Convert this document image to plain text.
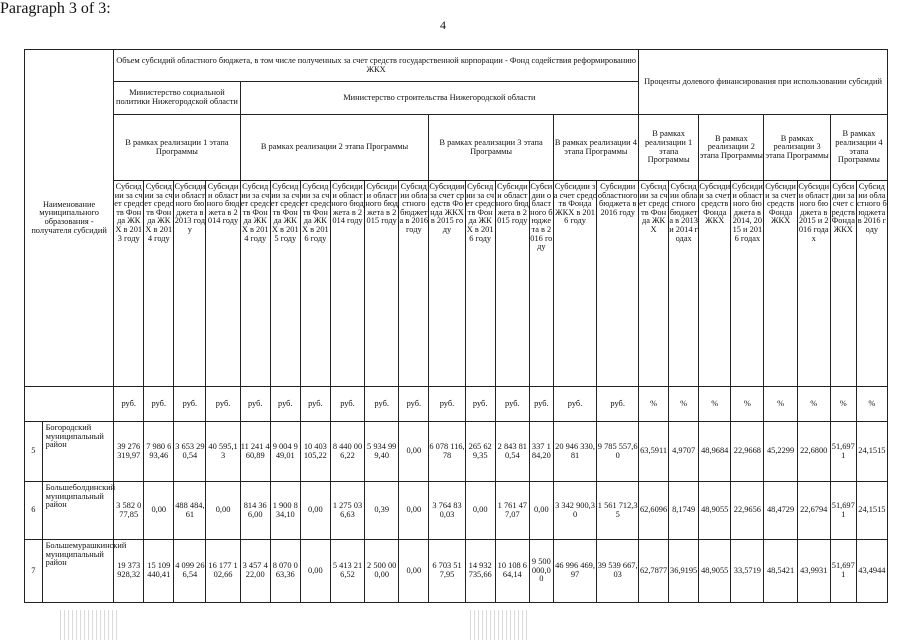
4
Наименование муниципального образования - получателя субсидий		Объем субсидий областного бюджета, в том числе полученных за счет средств государственной корпорации - Фонд содействия реформированию ЖКХ																Проценты долевого финансирования при использовании субсидий							
		Министерство социальной политики Нижегородской области				Министерство строительства Нижегородской области																			
		В рамках реализации 1 этапа Программы				В рамках реализации 2 этапа Программы						В рамках реализации 3 этапа Программы				В рамках реализации 4 этапа Программы		В рамках реализации 1 этапа Программы		В рамках реализации 2 этапа Программы		В рамках реализации 3 этапа Программы		В рамках реализации 4 этапа Программы	
		Субсидии за счет средств Фонда ЖКХ в 2013 году	Субсидии за счет средств Фонда ЖКХ в 2014 году	Субсидии областного бюджета в 2013 году	Субсидии областного бюджета в 2014 году	Субсидии за счет средств Фонда ЖКХ в 2014 году	Субсидии за счет средств Фонда ЖКХ в 2015 году	Субсидии за счет средств Фонда ЖКХ в 2016 году	Субсидии областного бюджета в 2014 году	Субсидии областного бюджета в 2015 году	Субсидии областного бюджета в 2016 году	Субсидии за счет средств Фонда ЖКХ в 2015 году	Субсидии за счет средств Фонда ЖКХ в 2016 году	Субсидии областного бюджета в 2015 году	Субсидии областного бюджета в 2016 году	Субсидии за счет средств Фонда ЖКХ в 2016 году	Субсидии областного бюджета в 2016 году	Субсидии за счет средств Фонда ЖКХ	Субсидии областного бюджета в 2013 и 2014 годах	Субсидии за счет средств Фонда ЖКХ	Субсидии областного бюджета в 2014, 2015 и 2016 годах	Субсидии за счет средств Фонда ЖКХ	Субсидии областного бюджета в 2015 и 2016 годах	Субсидии за счет средств Фонда ЖКХ	Субсидии областного бюджета в 2016 году
		руб.	руб.	руб.	руб.	руб.	руб.	руб.	руб.	руб.	руб.	руб.	руб.	руб.	руб.	руб.	руб.	%	%	%	%	%	%	%	%
5	Богородский муниципальный район	39 276 319,97	7 980 693,46	3 653 290,54	40 595,13	11 241 460,89	9 004 949,01	10 403 105,22	8 440 006,22	5 934 999,40	0,00	6 078 116,78	265 629,35	2 843 810,54	337 184,20	20 946 330,81	9 785 557,60	63,5911	4,9707	48,9684	22,9668	45,2299	22,6800	51,6971	24,1515
6	Большеболдинский муниципальный район	3 582 077,85	0,00	488 484,61	0,00	814 366,00	1 900 834,10	0,00	1 275 036,63	0,39	0,00	3 764 830,03	0,00	1 761 477,07	0,00	3 342 900,30	1 561 712,35	62,6096	8,1749	48,9055	22,9656	48,4729	22,6794	51,6971	24,1515
7	Большемурашкинский муниципальный район	19 373 928,32	15 109 440,41	4 099 266,54	16 177 102,66	3 457 422,00	8 070 063,36	0,00	5 413 216,52	2 500 000,00	0,00	6 703 517,95	14 932 735,66	10 108 664,14	9 500 000,00	46 996 469,97	39 539 667,03	62,7877	36,9195	48,9055	33,5719	48,5421	43,9931	51,6971	43,4944
Paragraph 3 of 3:
